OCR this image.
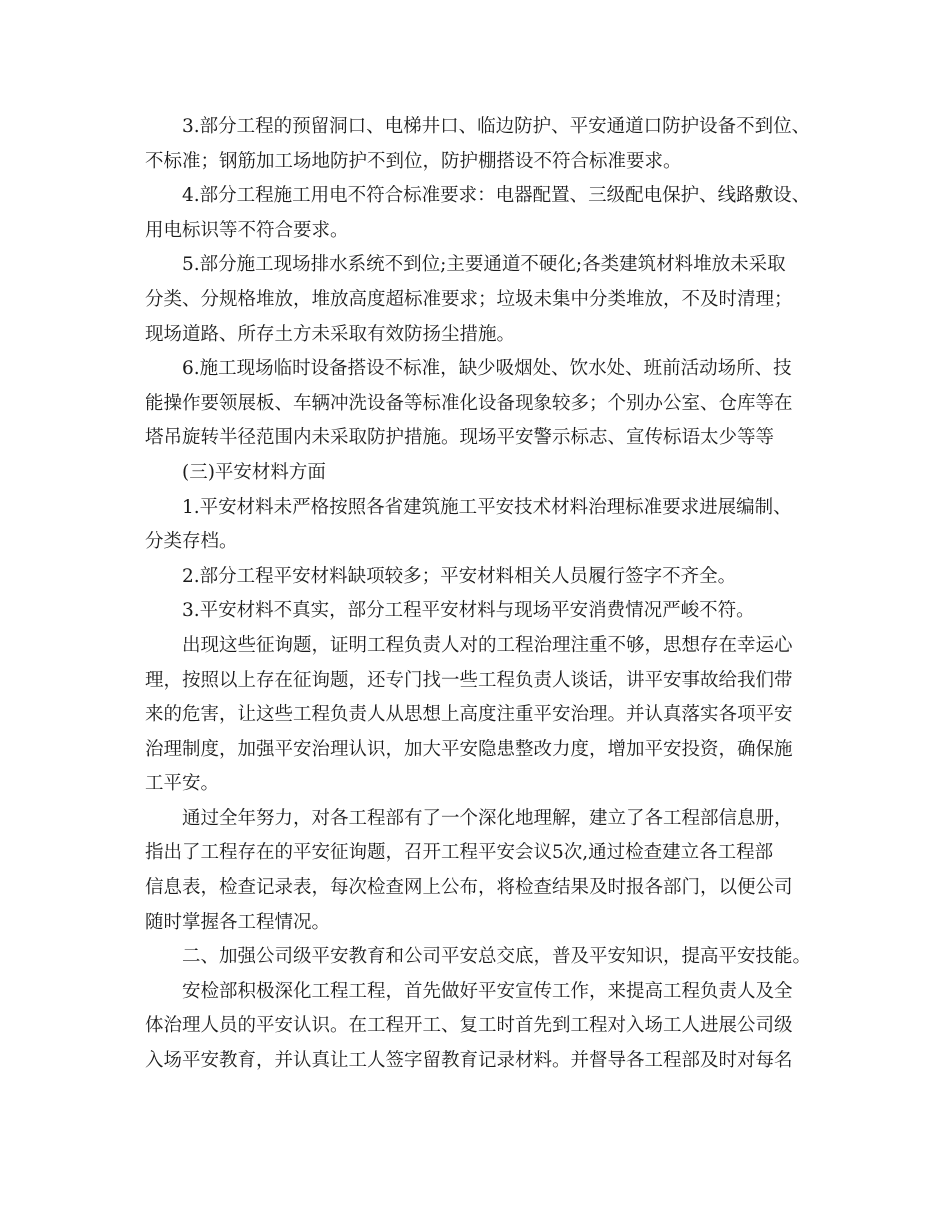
3.部分工程的预留洞口、电梯井口、临边防护、平安通道口防护设备不到位、
不标准；钢筋加工场地防护不到位，防护棚搭设不符合标准要求。

4.部分工程施工用电不符合标准要求：电器配置、三级配电保护、线路敷设、
用电标识等不符合要求。

5.部分施工现场排水系统不到位;主要通道不硬化;各类建筑材料堆放未采取
分类、分规格堆放，堆放高度超标准要求；垃圾未集中分类堆放，不及时清理；
现场道路、所存土方未采取有效防扬尘措施。

6.施工现场临时设备搭设不标准，缺少吸烟处、饮水处、班前活动场所、技
能操作要领展板、车辆冲洗设备等标准化设备现象较多；个别办公室、仓库等在
塔吊旋转半径范围内未采取防护措施。现场平安警示标志、宣传标语太少等等

(三)平安材料方面

1.平安材料未严格按照各省建筑施工平安技术材料治理标准要求进展编制、
分类存档。

2.部分工程平安材料缺项较多；平安材料相关人员履行签字不齐全。

3.平安材料不真实，部分工程平安材料与现场平安消费情况严峻不符。

出现这些征询题，证明工程负责人对的工程治理注重不够，思想存在幸运心
理，按照以上存在征询题，还专门找一些工程负责人谈话，讲平安事故给我们带
来的危害，让这些工程负责人从思想上高度注重平安治理。并认真落实各项平安
治理制度，加强平安治理认识，加大平安隐患整改力度，增加平安投资，确保施
工平安。

通过全年努力，对各工程部有了一个深化地理解，建立了各工程部信息册，
指出了工程存在的平安征询题，召开工程平安会议5次,通过检查建立各工程部
信息表，检查记录表，每次检查网上公布，将检查结果及时报各部门，以便公司
随时掌握各工程情况。

二、加强公司级平安教育和公司平安总交底，普及平安知识，提高平安技能。

安检部积极深化工程工程，首先做好平安宣传工作，来提高工程负责人及全
体治理人员的平安认识。在工程开工、复工时首先到工程对入场工人进展公司级
入场平安教育，并认真让工人签字留教育记录材料。并督导各工程部及时对每名
